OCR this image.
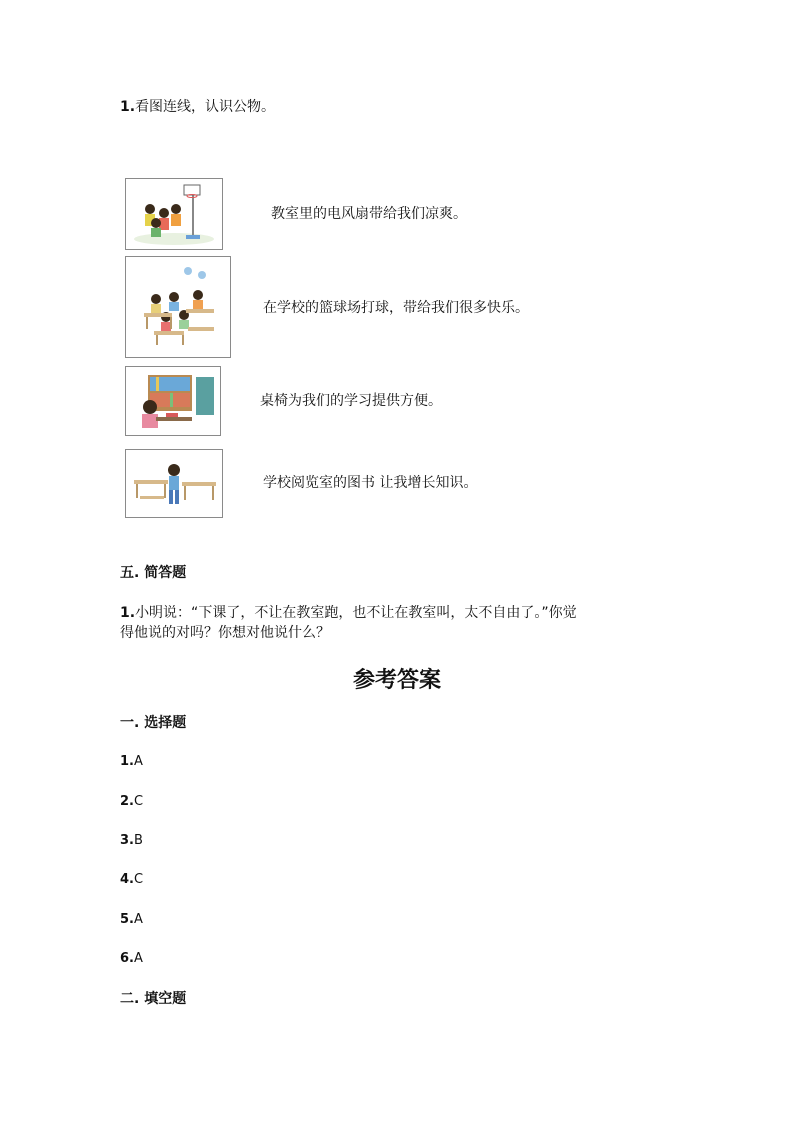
1.看图连线，认识公物。
教室里的电风扇带给我们凉爽。
在学校的篮球场打球，带给我们很多快乐。
桌椅为我们的学习提供方便。
学校阅览室的图书 让我增长知识。
五. 简答题
1.小明说：“下课了，不让在教室跑，也不让在教室叫，太不自由了。”你觉
得他说的对吗？你想对他说什么？
参考答案
一. 选择题
1.A
2.C
3.B
4.C
5.A
6.A
二. 填空题
